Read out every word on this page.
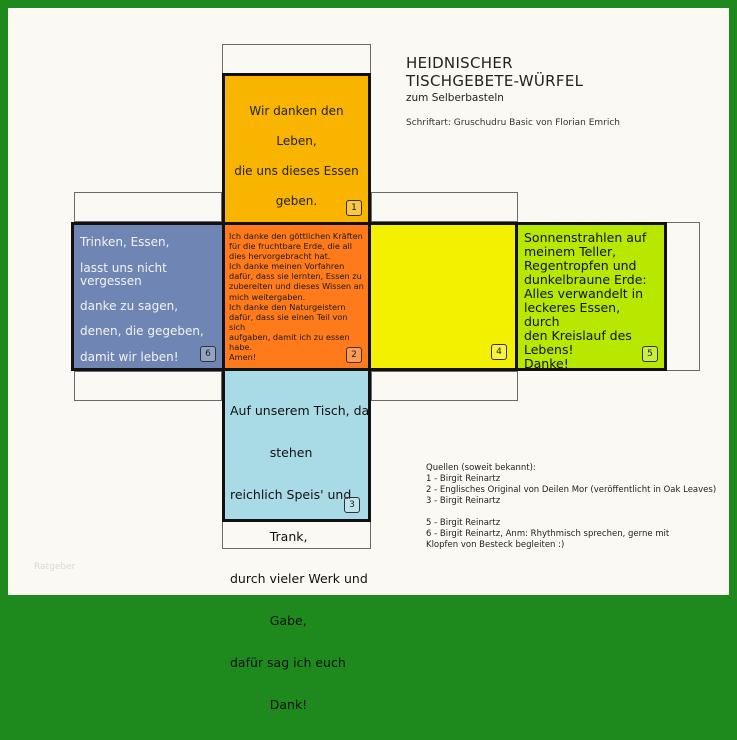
Wir danken den Leben,
die uns dieses Essen
geben.	1
Trinken, Essen,
lasst uns nicht
vergessen
danke zu sagen,
denen, die gegeben,
damit wir leben!	6
Ich danke den göttlichen Kräften
für die fruchtbare Erde, die all
dies hervorgebracht hat.
Ich danke meinen Vorfahren
dafür, dass sie lernten, Essen zu
zubereiten und dieses Wissen an
mich weitergaben.
Ich danke den Naturgeistern
dafür, dass sie einen Teil von sich
aufgaben, damit ich zu essen
habe.
Amen!	2	4
Sonnenstrahlen auf
meinem Teller,
Regentropfen und
dunkelbraune Erde:
Alles verwandelt in
leckeres Essen, durch
den Kreislauf des
Lebens!
Danke!
5

Auf unserem Tisch, da

stehen

reichlich Speis' und

Trank,

durch vieler Werk und

Gabe,

dafür sag ich euch

Dank!

3
HEIDNISCHER
TISCHGEBETE-WÜRFEL
zum Selberbasteln
Schriftart: Gruschudru Basic von Florian Emrich
Quellen (soweit bekannt):
1 - Birgit Reinartz
2 - Englisches Original von Deilen Mor (veröffentlicht in Oak Leaves)
3 - Birgit Reinartz
5 - Birgit Reinartz
6 - Birgit Reinartz, Anm: Rhythmisch sprechen, gerne mit
Klopfen von Besteck begleiten :)
Ratgeber
